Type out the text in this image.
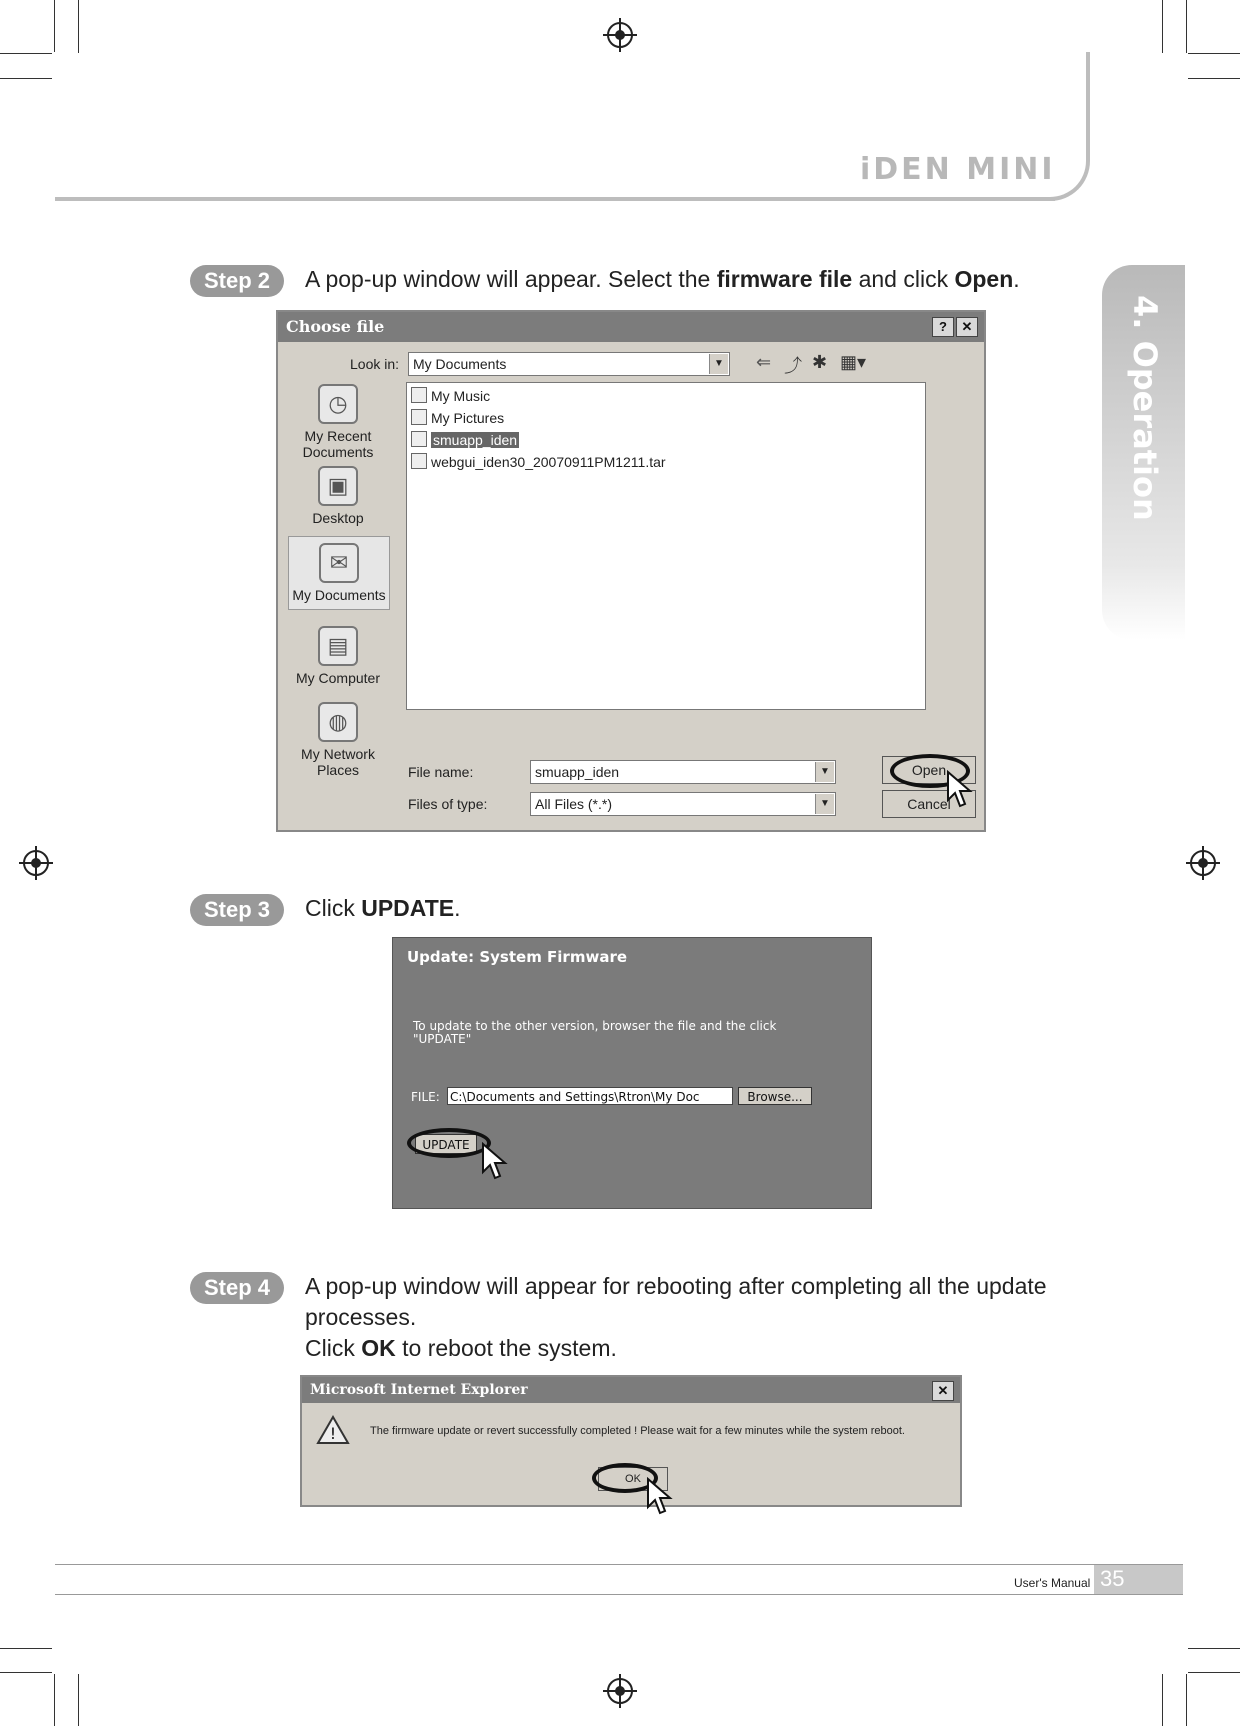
iDEN MINI
4. Operation
Step 2	A pop-up window will appear. Select the firmware file and click Open.
Choose file	?	✕
Look in: My Documents	▼ ⇐ ⤴ ✱ ▦▾
◷
My Recent Documents
▣
Desktop
✉
My Documents
▤
My Computer
◍
My Network Places
My Music
My Pictures
smuapp_iden
webgui_iden30_20070911PM1211.tar
File name:	smuapp_iden	▼
Files of type:	All Files (*.*)	▼
Open
Cancel
Step 3	Click UPDATE.
Update: System Firmware
To update to the other version, browser the file and the click "UPDATE"
FILE: C:\Documents and Settings\Rtron\My Doc	Browse...
UPDATE
Step 4	A pop-up window will appear for rebooting after completing all the update
processes.
Click OK to reboot the system.
Microsoft Internet Explorer	✕
!	The firmware update or revert successfully completed ! Please wait for a few minutes while the system reboot.
OK
User's Manual 35
